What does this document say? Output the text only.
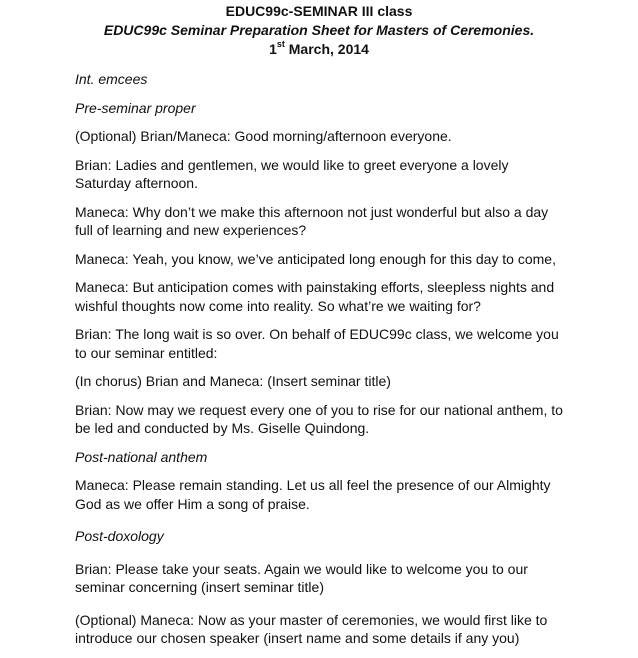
EDUC99c-SEMINAR III class
EDUC99c Seminar Preparation Sheet for Masters of Ceremonies.
1st March, 2014
Int. emcees
Pre-seminar proper
(Optional) Brian/Maneca: Good morning/afternoon everyone.
Brian: Ladies and gentlemen, we would like to greet everyone a lovely Saturday afternoon.
Maneca: Why don’t we make this afternoon not just wonderful but also a day full of learning and new experiences?
Maneca: Yeah, you know, we’ve anticipated long enough for this day to come,
Maneca: But anticipation comes with painstaking efforts, sleepless nights and wishful thoughts now come into reality. So what’re we waiting for?
Brian: The long wait is so over. On behalf of EDUC99c class, we welcome you to our seminar entitled:
(In chorus) Brian and Maneca: (Insert seminar title)
Brian: Now may we request every one of you to rise for our national anthem, to be led and conducted by Ms. Giselle Quindong.
Post-national anthem
Maneca: Please remain standing. Let us all feel the presence of our Almighty God as we offer Him a song of praise.
Post-doxology
Brian: Please take your seats. Again we would like to welcome you to our seminar concerning (insert seminar title)
(Optional) Maneca: Now as your master of ceremonies, we would first like to introduce our chosen speaker (insert name and some details if any you)
